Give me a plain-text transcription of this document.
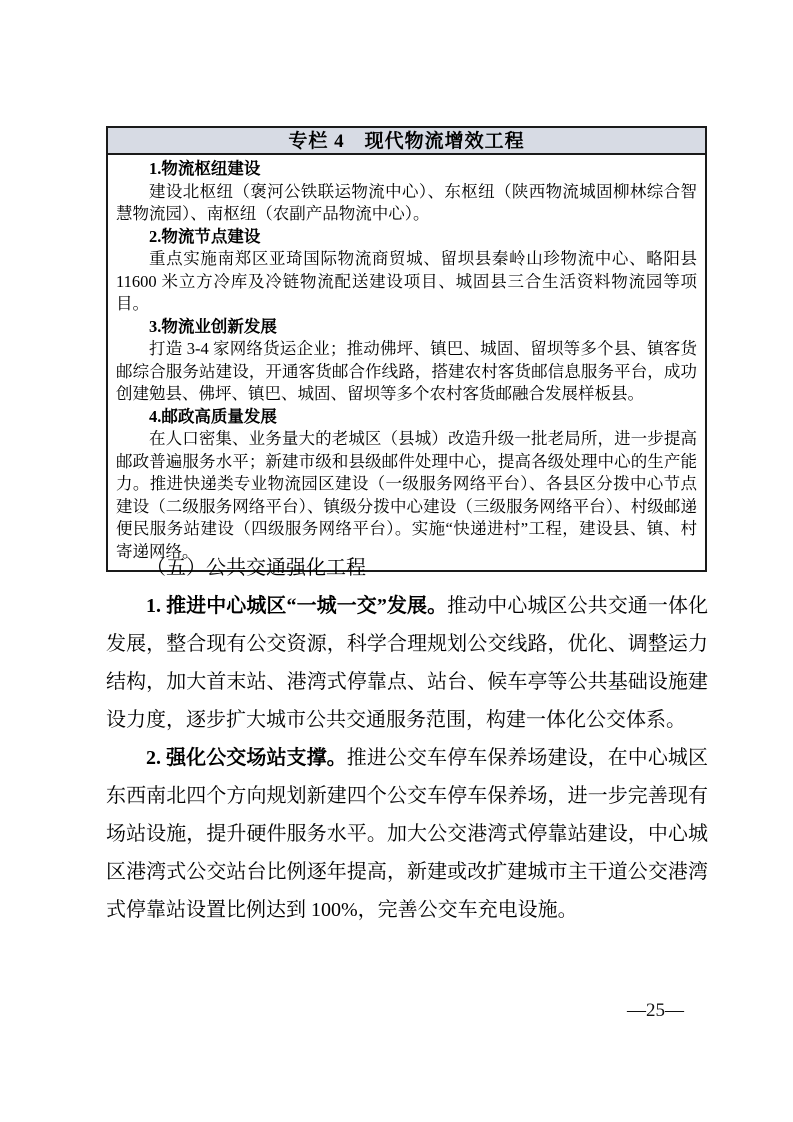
专栏 4　现代物流增效工程
1.物流枢纽建设
建设北枢纽（褒河公铁联运物流中心）、东枢纽（陕西物流城固柳林综合智慧物流园）、南枢纽（农副产品物流中心）。
2.物流节点建设
重点实施南郑区亚琦国际物流商贸城、留坝县秦岭山珍物流中心、略阳县11600 米立方冷库及冷链物流配送建设项目、城固县三合生活资料物流园等项目。
3.物流业创新发展
打造 3-4 家网络货运企业；推动佛坪、镇巴、城固、留坝等多个县、镇客货邮综合服务站建设，开通客货邮合作线路，搭建农村客货邮信息服务平台，成功创建勉县、佛坪、镇巴、城固、留坝等多个农村客货邮融合发展样板县。
4.邮政高质量发展
在人口密集、业务量大的老城区（县城）改造升级一批老局所，进一步提高邮政普遍服务水平；新建市级和县级邮件处理中心，提高各级处理中心的生产能力。推进快递类专业物流园区建设（一级服务网络平台）、各县区分拨中心节点建设（二级服务网络平台）、镇级分拨中心建设（三级服务网络平台）、村级邮递便民服务站建设（四级服务网络平台）。实施“快递进村”工程，建设县、镇、村寄递网络。
（五）公共交通强化工程
1. 推进中心城区“一城一交”发展。推动中心城区公共交通一体化发展，整合现有公交资源，科学合理规划公交线路，优化、调整运力结构，加大首末站、港湾式停靠点、站台、候车亭等公共基础设施建设力度，逐步扩大城市公共交通服务范围，构建一体化公交体系。
2. 强化公交场站支撑。推进公交车停车保养场建设，在中心城区东西南北四个方向规划新建四个公交车停车保养场，进一步完善现有场站设施，提升硬件服务水平。加大公交港湾式停靠站建设，中心城区港湾式公交站台比例逐年提高，新建或改扩建城市主干道公交港湾式停靠站设置比例达到 100%，完善公交车充电设施。
—25—
